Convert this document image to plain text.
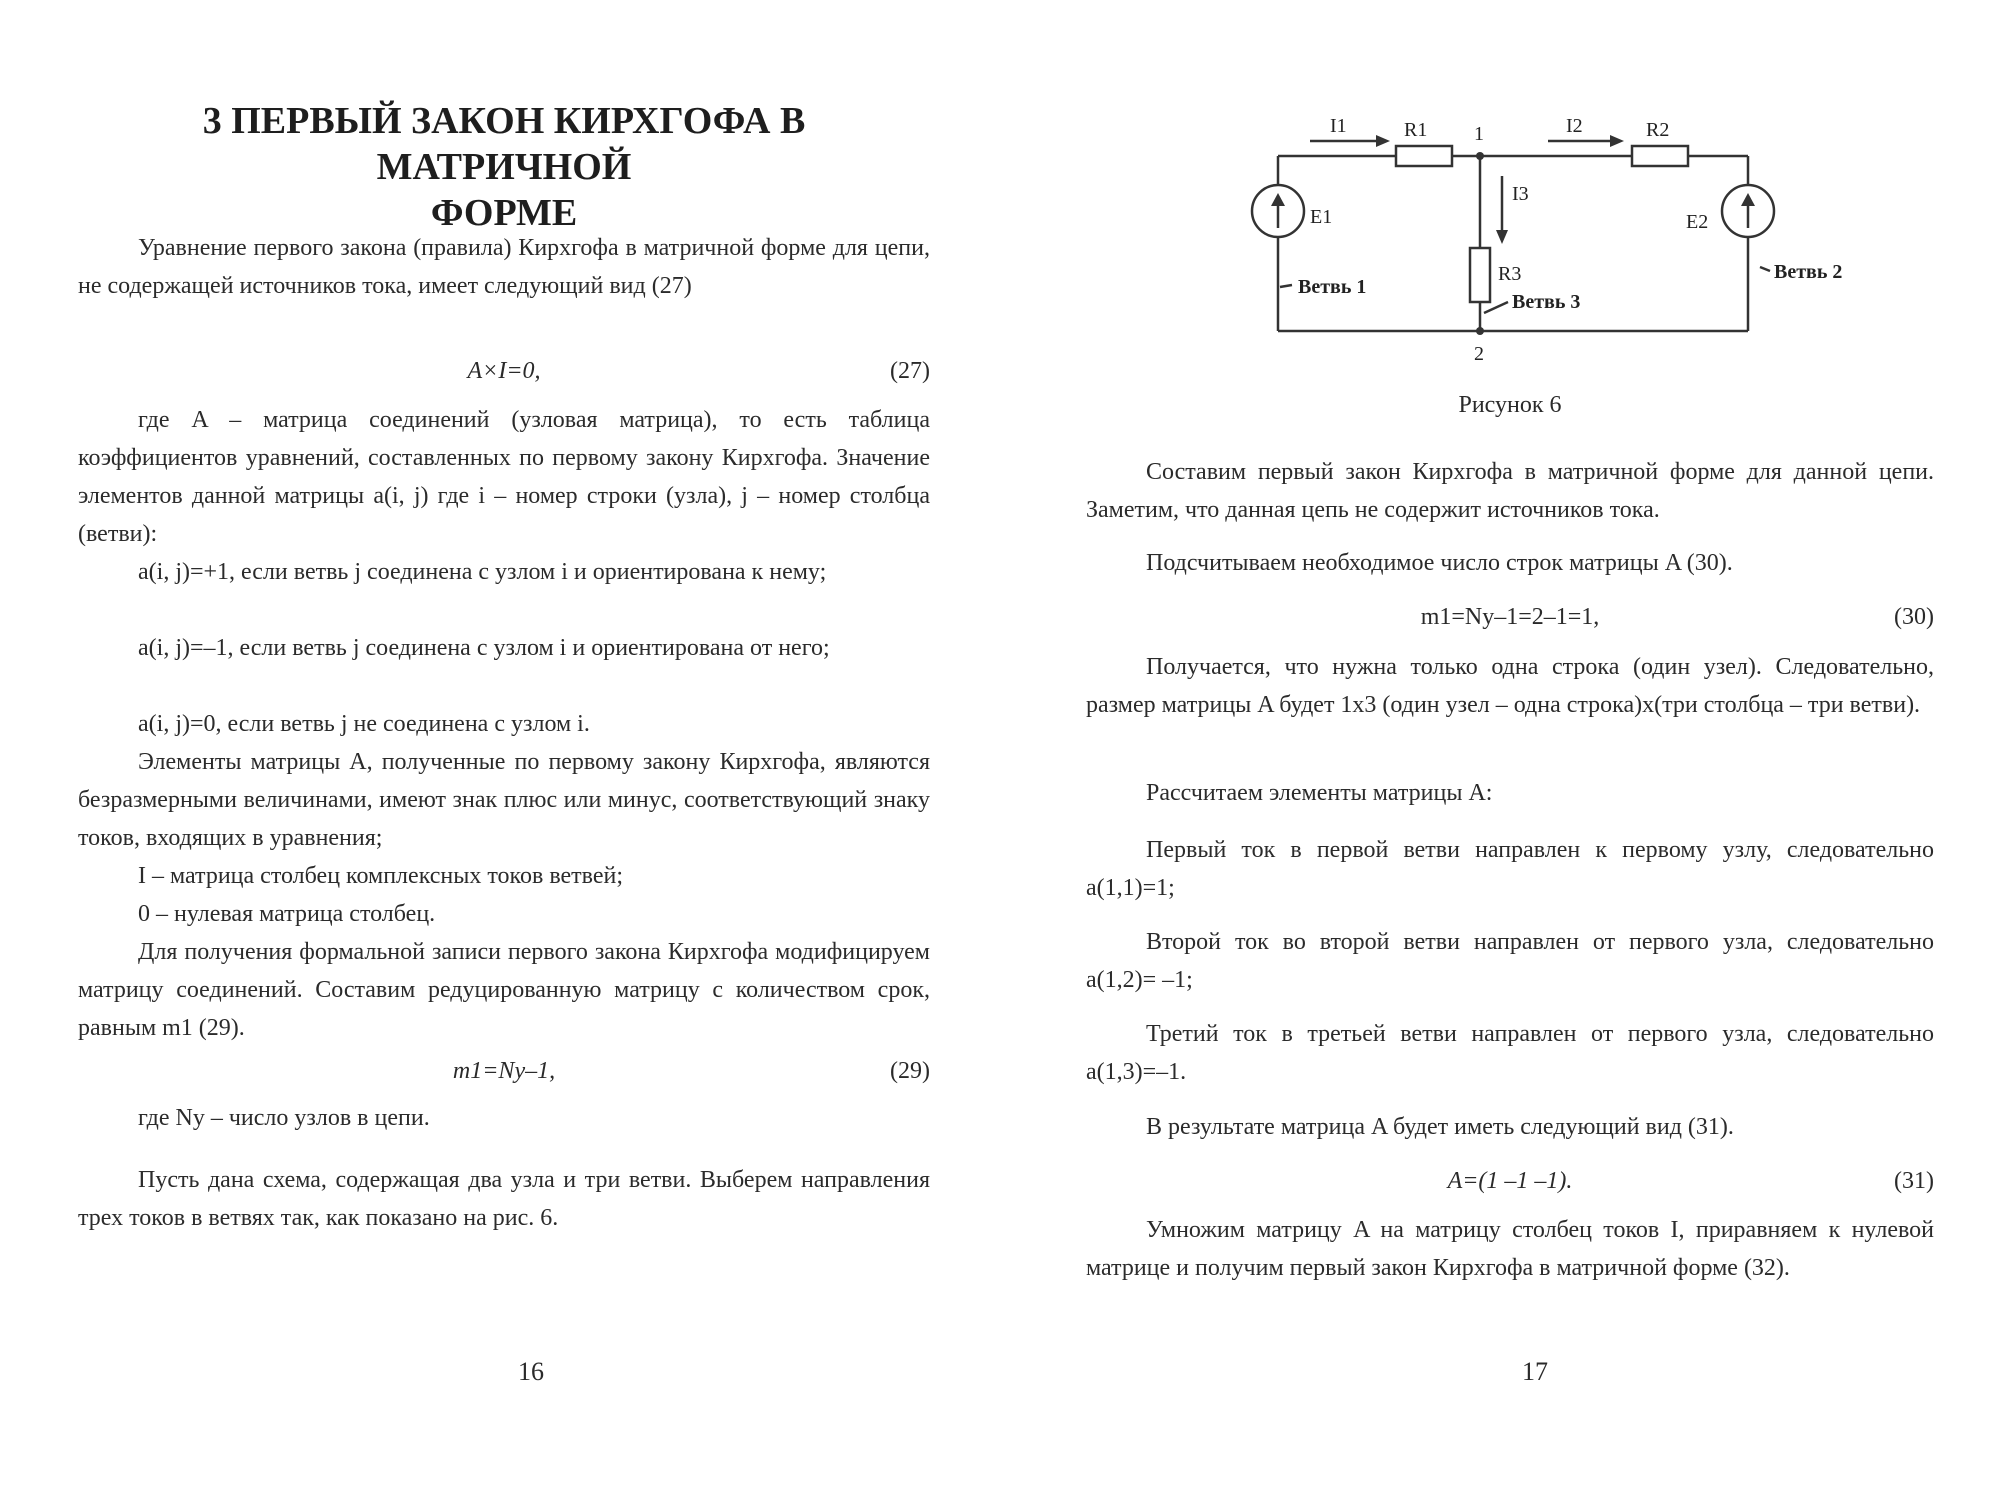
3 ПЕРВЫЙ ЗАКОН КИРХГОФА В МАТРИЧНОЙ
ФОРМЕ
Уравнение первого закона (правила) Кирхгофа в матричной форме для цепи, не содержащей источников тока, имеет следующий вид (27)
A×I=0,	(27)
где A – матрица соединений (узловая матрица), то есть таблица коэффициентов уравнений, составленных по первому закону Кирхгофа. Значение элементов данной матрицы a(i, j) где i – номер строки (узла), j – номер столбца (ветви):
a(i, j)=+1, если ветвь j соединена с узлом i и ориентирована к нему;
a(i, j)=–1, если ветвь j соединена с узлом i и ориентирована от него;
a(i, j)=0, если ветвь j не соединена с узлом i.
Элементы матрицы A, полученные по первому закону Кирхгофа, являются безразмерными величинами, имеют знак плюс или минус, соответствующий знаку токов, входящих в уравнения;
I – матрица столбец комплексных токов ветвей;
0 – нулевая матрица столбец.
Для получения формальной записи первого закона Кирхгофа модифицируем матрицу соединений. Составим редуцированную матрицу с количеством срок, равным m1 (29).
m1=Ny–1,	(29)
где Ny – число узлов в цепи.
Пусть дана схема, содержащая два узла и три ветви. Выберем направления трех токов в ветвях так, как показано на рис. 6.
16
I1	R1 1	I2	R2
I3
E1	E2
R3
2
Ветвь 1
Ветвь 2
Ветвь 3
Рисунок 6
Составим первый закон Кирхгофа в матричной форме для данной цепи. Заметим, что данная цепь не содержит источников тока.
Подсчитываем необходимое число строк матрицы A (30).
m1=Ny–1=2–1=1,	(30)
Получается, что нужна только одна строка (один узел). Следовательно, размер матрицы A будет 1x3 (один узел – одна строка)x(три столбца – три ветви).
Рассчитаем элементы матрицы A:
Первый ток в первой ветви направлен к первому узлу, следовательно a(1,1)=1;
Второй ток во второй ветви направлен от первого узла, следовательно a(1,2)= –1;
Третий ток в третьей ветви направлен от первого узла, следовательно a(1,3)=–1.
В результате матрица A будет иметь следующий вид (31).
A=(1 –1 –1).	(31)
Умножим матрицу A на матрицу столбец токов I, приравняем к нулевой матрице и получим первый закон Кирхгофа в матричной форме (32).
17
